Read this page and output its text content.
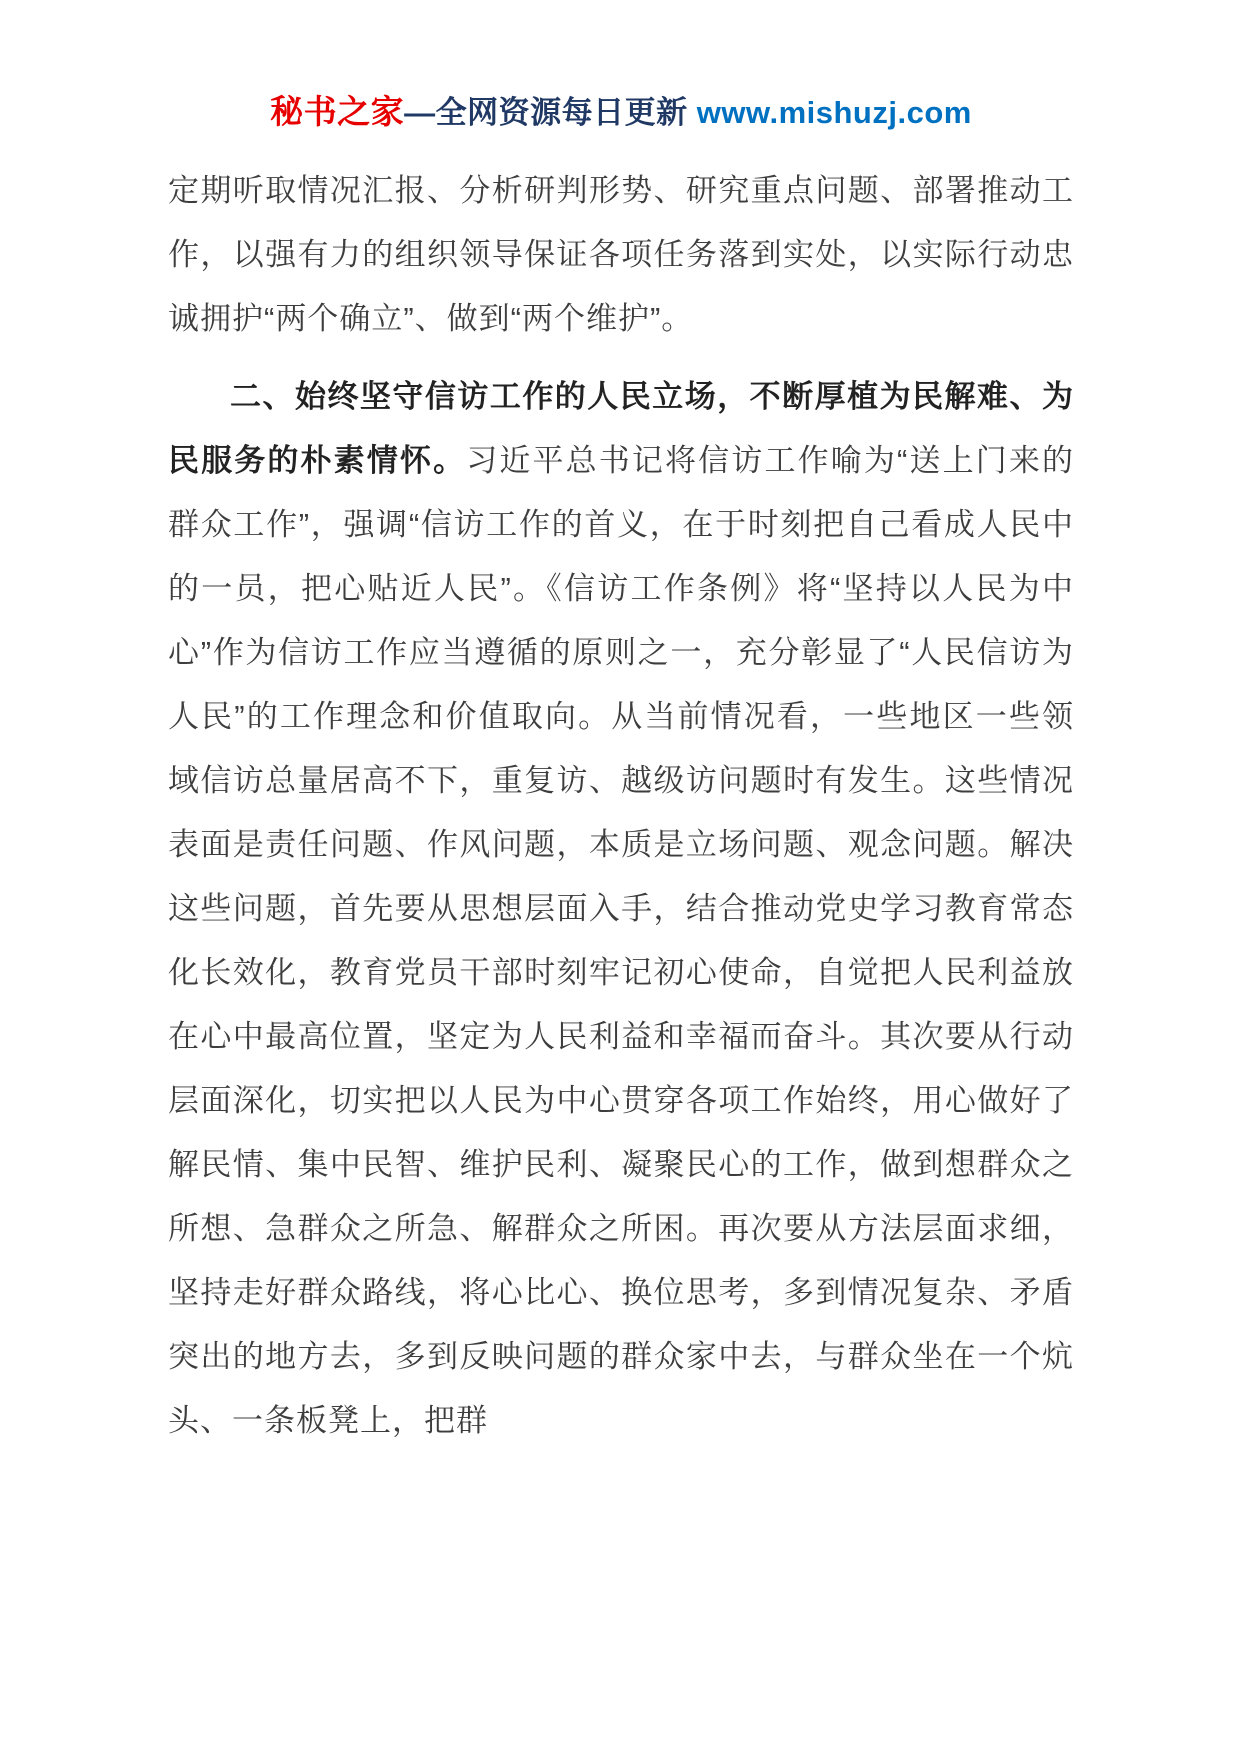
秘书之家—全网资源每日更新 www.mishuzj.com

定期听取情况汇报、分析研判形势、研究重点问题、部署推动工作，以强有力的组织领导保证各项任务落到实处，以实际行动忠诚拥护“两个确立”、做到“两个维护”。

二、始终坚守信访工作的人民立场，不断厚植为民解难、为民服务的朴素情怀。习近平总书记将信访工作喻为“送上门来的群众工作”，强调“信访工作的首义，在于时刻把自己看成人民中的一员，把心贴近人民”。《信访工作条例》将“坚持以人民为中心”作为信访工作应当遵循的原则之一，充分彰显了“人民信访为人民”的工作理念和价值取向。从当前情况看，一些地区一些领域信访总量居高不下，重复访、越级访问题时有发生。这些情况表面是责任问题、作风问题，本质是立场问题、观念问题。解决这些问题，首先要从思想层面入手，结合推动党史学习教育常态化长效化，教育党员干部时刻牢记初心使命，自觉把人民利益放在心中最高位置，坚定为人民利益和幸福而奋斗。其次要从行动层面深化，切实把以人民为中心贯穿各项工作始终，用心做好了解民情、集中民智、维护民利、凝聚民心的工作，做到想群众之所想、急群众之所急、解群众之所困。再次要从方法层面求细，坚持走好群众路线，将心比心、换位思考，多到情况复杂、矛盾突出的地方去，多到反映问题的群众家中去，与群众坐在一个炕头、一条板凳上，把群
